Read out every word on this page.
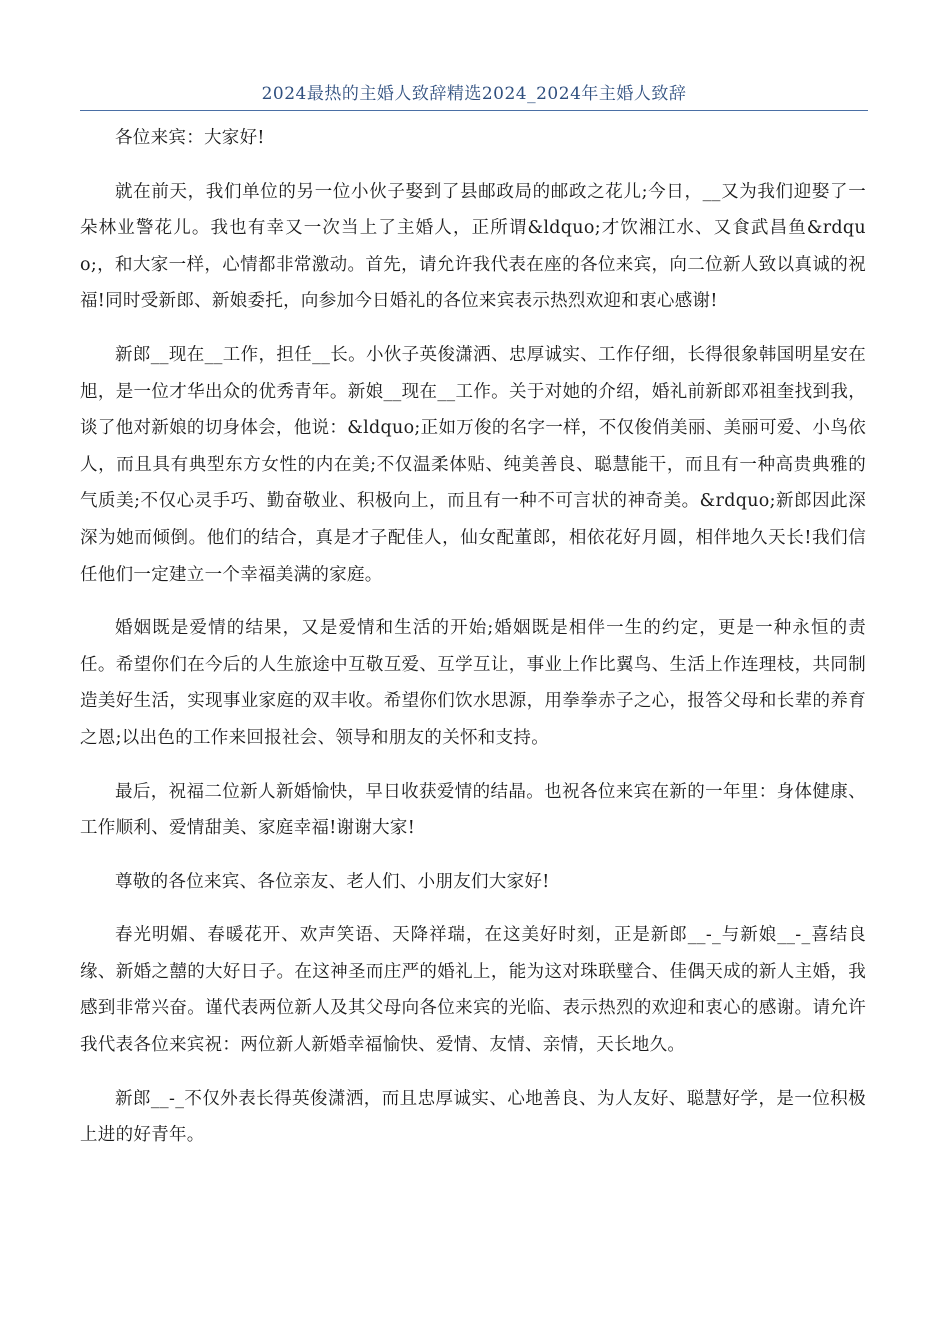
2024最热的主婚人致辞精选2024_2024年主婚人致辞

各位来宾：大家好!

就在前天，我们单位的另一位小伙子娶到了县邮政局的邮政之花儿;今日，__又为我们迎娶了一朵林业警花儿。我也有幸又一次当上了主婚人，正所谓&ldquo;才饮湘江水、又食武昌鱼&rdquo;，和大家一样，心情都非常激动。首先，请允许我代表在座的各位来宾，向二位新人致以真诚的祝福!同时受新郎、新娘委托，向参加今日婚礼的各位来宾表示热烈欢迎和衷心感谢!

新郎__现在__工作，担任__长。小伙子英俊潇洒、忠厚诚实、工作仔细，长得很象韩国明星安在旭，是一位才华出众的优秀青年。新娘__现在__工作。关于对她的介绍，婚礼前新郎邓祖奎找到我，谈了他对新娘的切身体会，他说：&ldquo;正如万俊的名字一样，不仅俊俏美丽、美丽可爱、小鸟依人，而且具有典型东方女性的内在美;不仅温柔体贴、纯美善良、聪慧能干，而且有一种高贵典雅的气质美;不仅心灵手巧、勤奋敬业、积极向上，而且有一种不可言状的神奇美。&rdquo;新郎因此深深为她而倾倒。他们的结合，真是才子配佳人，仙女配董郎，相依花好月圆，相伴地久天长!我们信任他们一定建立一个幸福美满的家庭。

婚姻既是爱情的结果，又是爱情和生活的开始;婚姻既是相伴一生的约定，更是一种永恒的责任。希望你们在今后的人生旅途中互敬互爱、互学互让，事业上作比翼鸟、生活上作连理枝，共同制造美好生活，实现事业家庭的双丰收。希望你们饮水思源，用拳拳赤子之心，报答父母和长辈的养育之恩;以出色的工作来回报社会、领导和朋友的关怀和支持。

最后，祝福二位新人新婚愉快，早日收获爱情的结晶。也祝各位来宾在新的一年里：身体健康、工作顺利、爱情甜美、家庭幸福!谢谢大家!

尊敬的各位来宾、各位亲友、老人们、小朋友们大家好!

春光明媚、春暖花开、欢声笑语、天降祥瑞，在这美好时刻，正是新郎__-_与新娘__-_喜结良缘、新婚之囍的大好日子。在这神圣而庄严的婚礼上，能为这对珠联璧合、佳偶天成的新人主婚，我感到非常兴奋。谨代表两位新人及其父母向各位来宾的光临、表示热烈的欢迎和衷心的感谢。请允许我代表各位来宾祝：两位新人新婚幸福愉快、爱情、友情、亲情，天长地久。

新郎__-_不仅外表长得英俊潇洒，而且忠厚诚实、心地善良、为人友好、聪慧好学，是一位积极上进的好青年。
